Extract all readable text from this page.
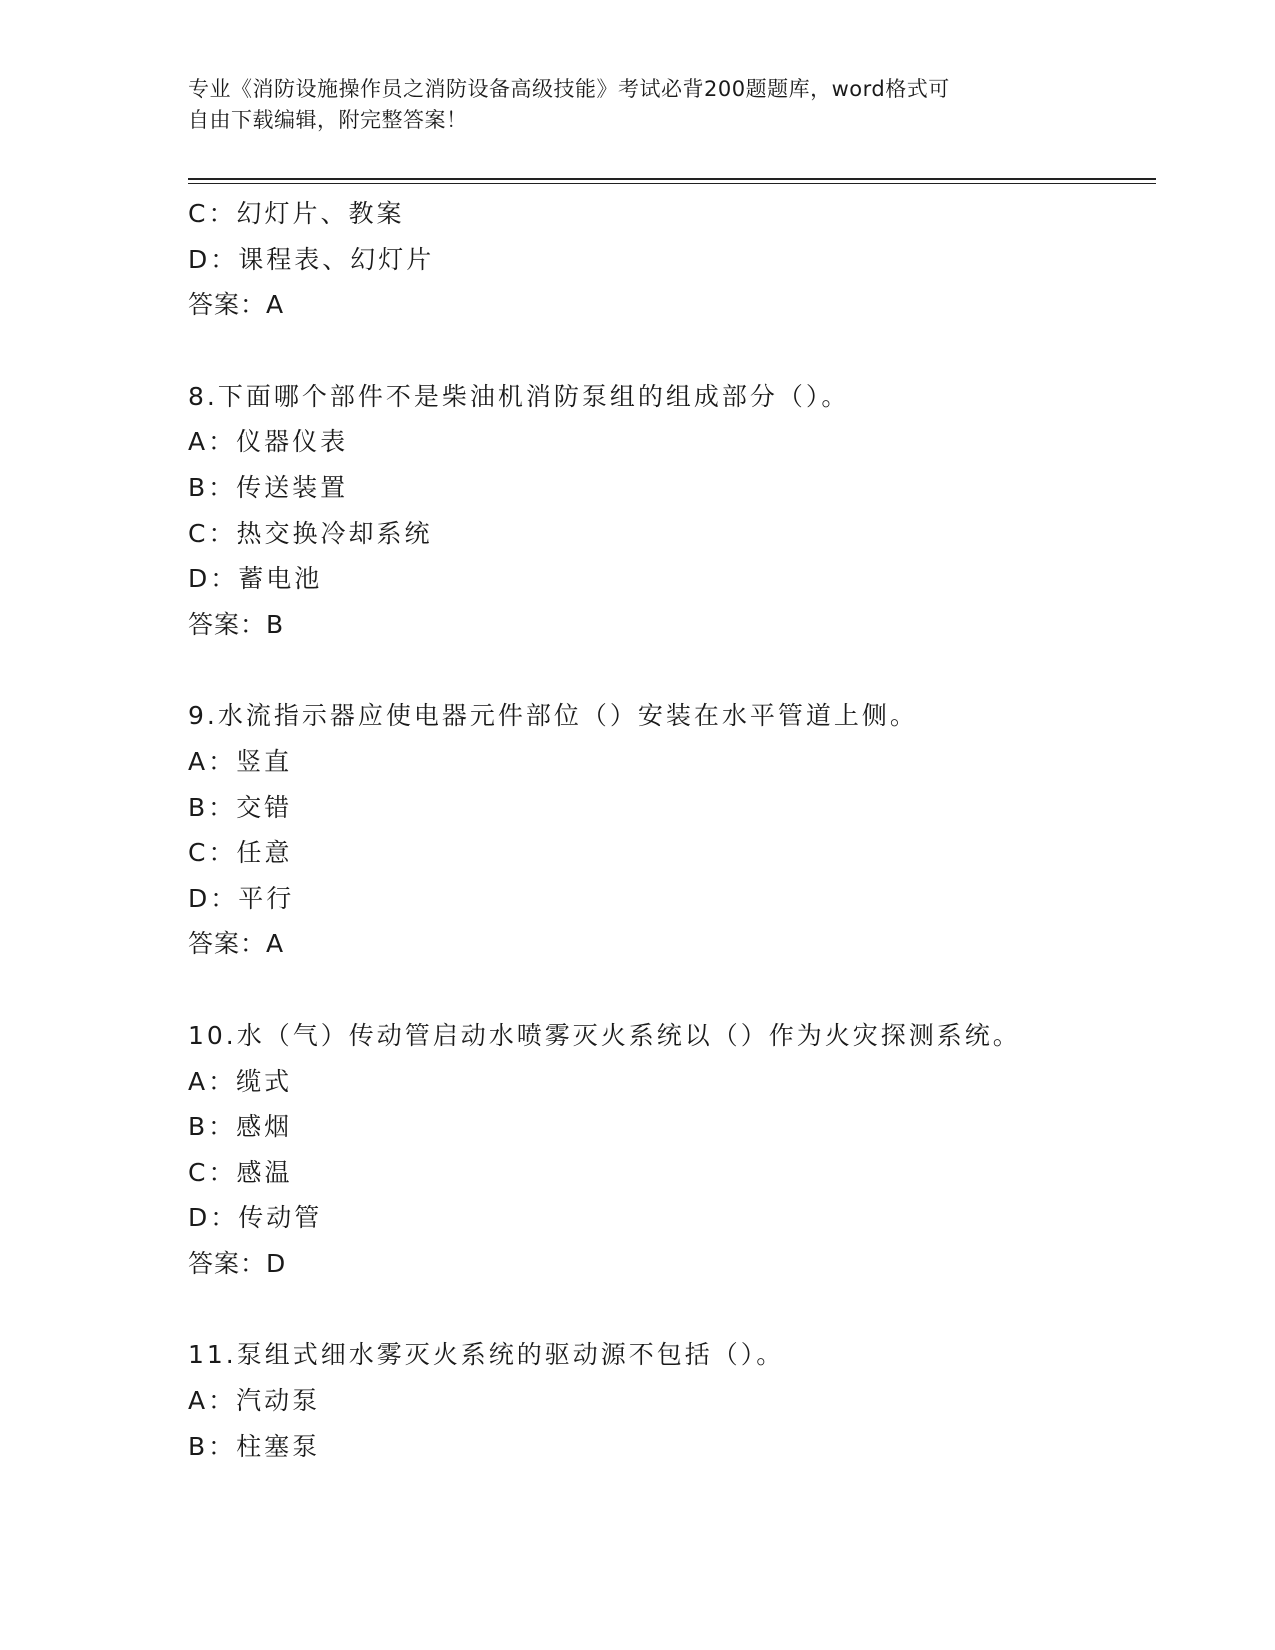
专业《消防设施操作员之消防设备高级技能》考试必背200题题库，word格式可
自由下载编辑，附完整答案！
C：幻灯片、教案
D：课程表、幻灯片
答案：A
8.下面哪个部件不是柴油机消防泵组的组成部分（）。
A：仪器仪表
B：传送装置
C：热交换冷却系统
D：蓄电池
答案：B
9.水流指示器应使电器元件部位（）安装在水平管道上侧。
A：竖直
B：交错
C：任意
D：平行
答案：A
10.水（气）传动管启动水喷雾灭火系统以（）作为火灾探测系统。
A：缆式
B：感烟
C：感温
D：传动管
答案：D
11.泵组式细水雾灭火系统的驱动源不包括（）。
A：汽动泵
B：柱塞泵
